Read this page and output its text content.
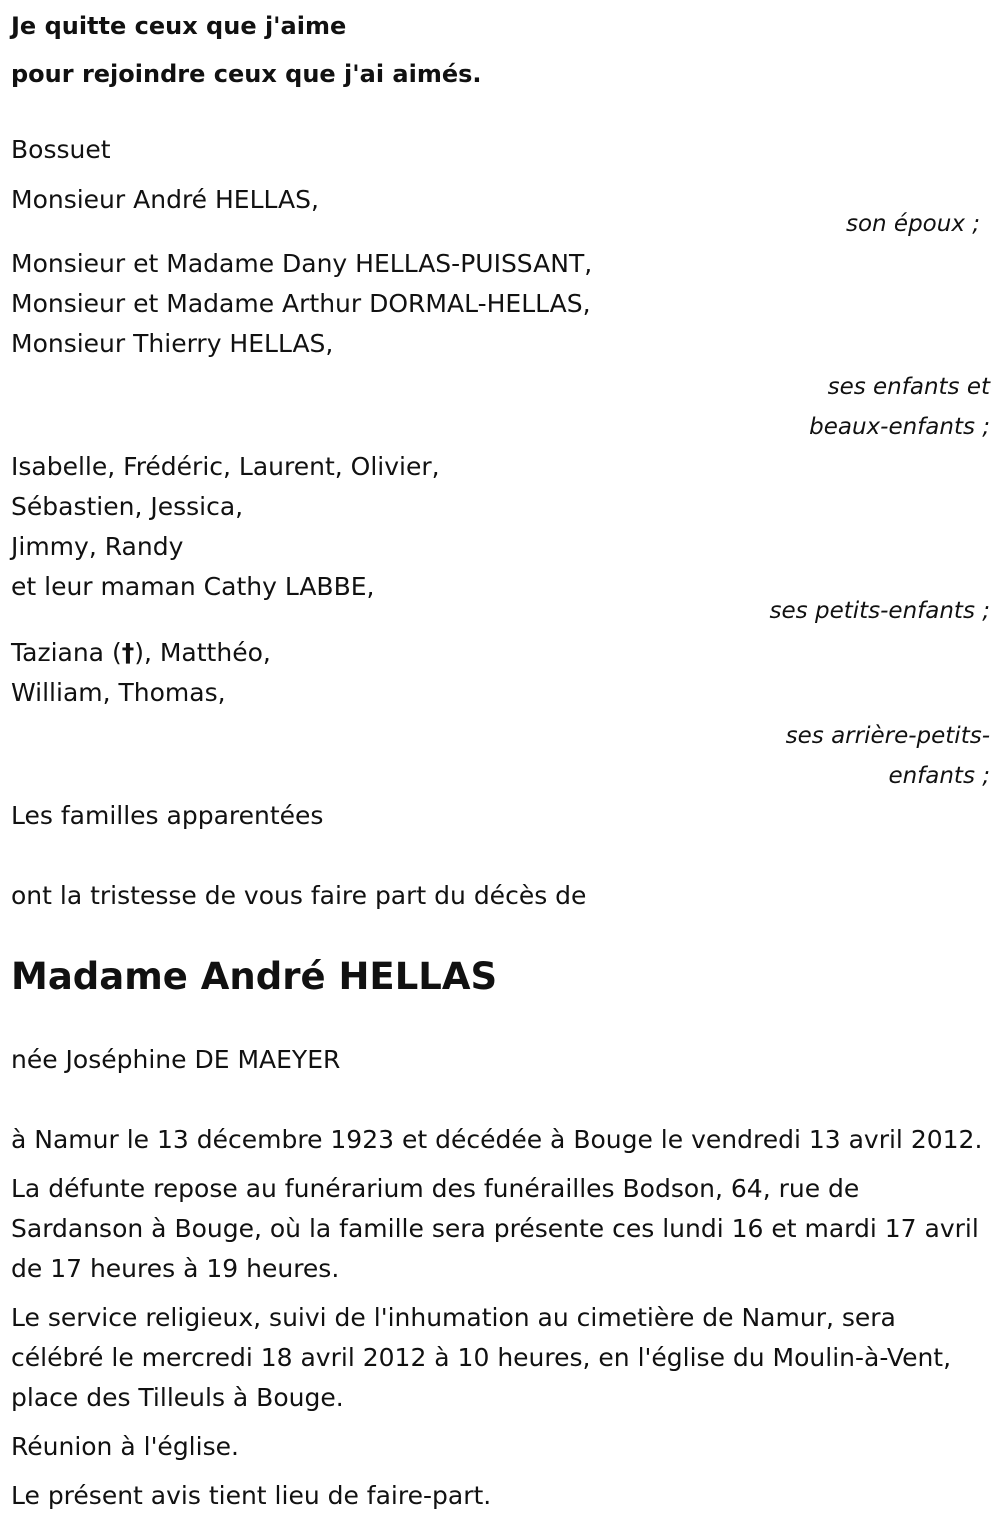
Je quitte ceux que j'aime
pour rejoindre ceux que j'ai aimés.
Bossuet
Monsieur André HELLAS,
son époux ;
Monsieur et Madame Dany HELLAS-PUISSANT,
Monsieur et Madame Arthur DORMAL-HELLAS,
Monsieur Thierry HELLAS,
ses enfants et
beaux-enfants ;
Isabelle, Frédéric, Laurent, Olivier,
Sébastien, Jessica,
Jimmy, Randy
et leur maman Cathy LABBE,
ses petits-enfants ;
Taziana (†), Matthéo,
William, Thomas,
ses arrière-petits-
enfants ;
Les familles apparentées
ont la tristesse de vous faire part du décès de
Madame André HELLAS
née Joséphine DE MAEYER
à Namur le 13 décembre 1923 et décédée à Bouge le vendredi 13 avril 2012.
La défunte repose au funérarium des funérailles Bodson, 64, rue de Sardanson à Bouge, où la famille sera présente ces lundi 16 et mardi 17 avril de 17 heures à 19 heures.
Le service religieux, suivi de l'inhumation au cimetière de Namur, sera célébré le mercredi 18 avril 2012 à 10 heures, en l'église du Moulin-à-Vent, place des Tilleuls à Bouge.
Réunion à l'église.
Le présent avis tient lieu de faire-part.
